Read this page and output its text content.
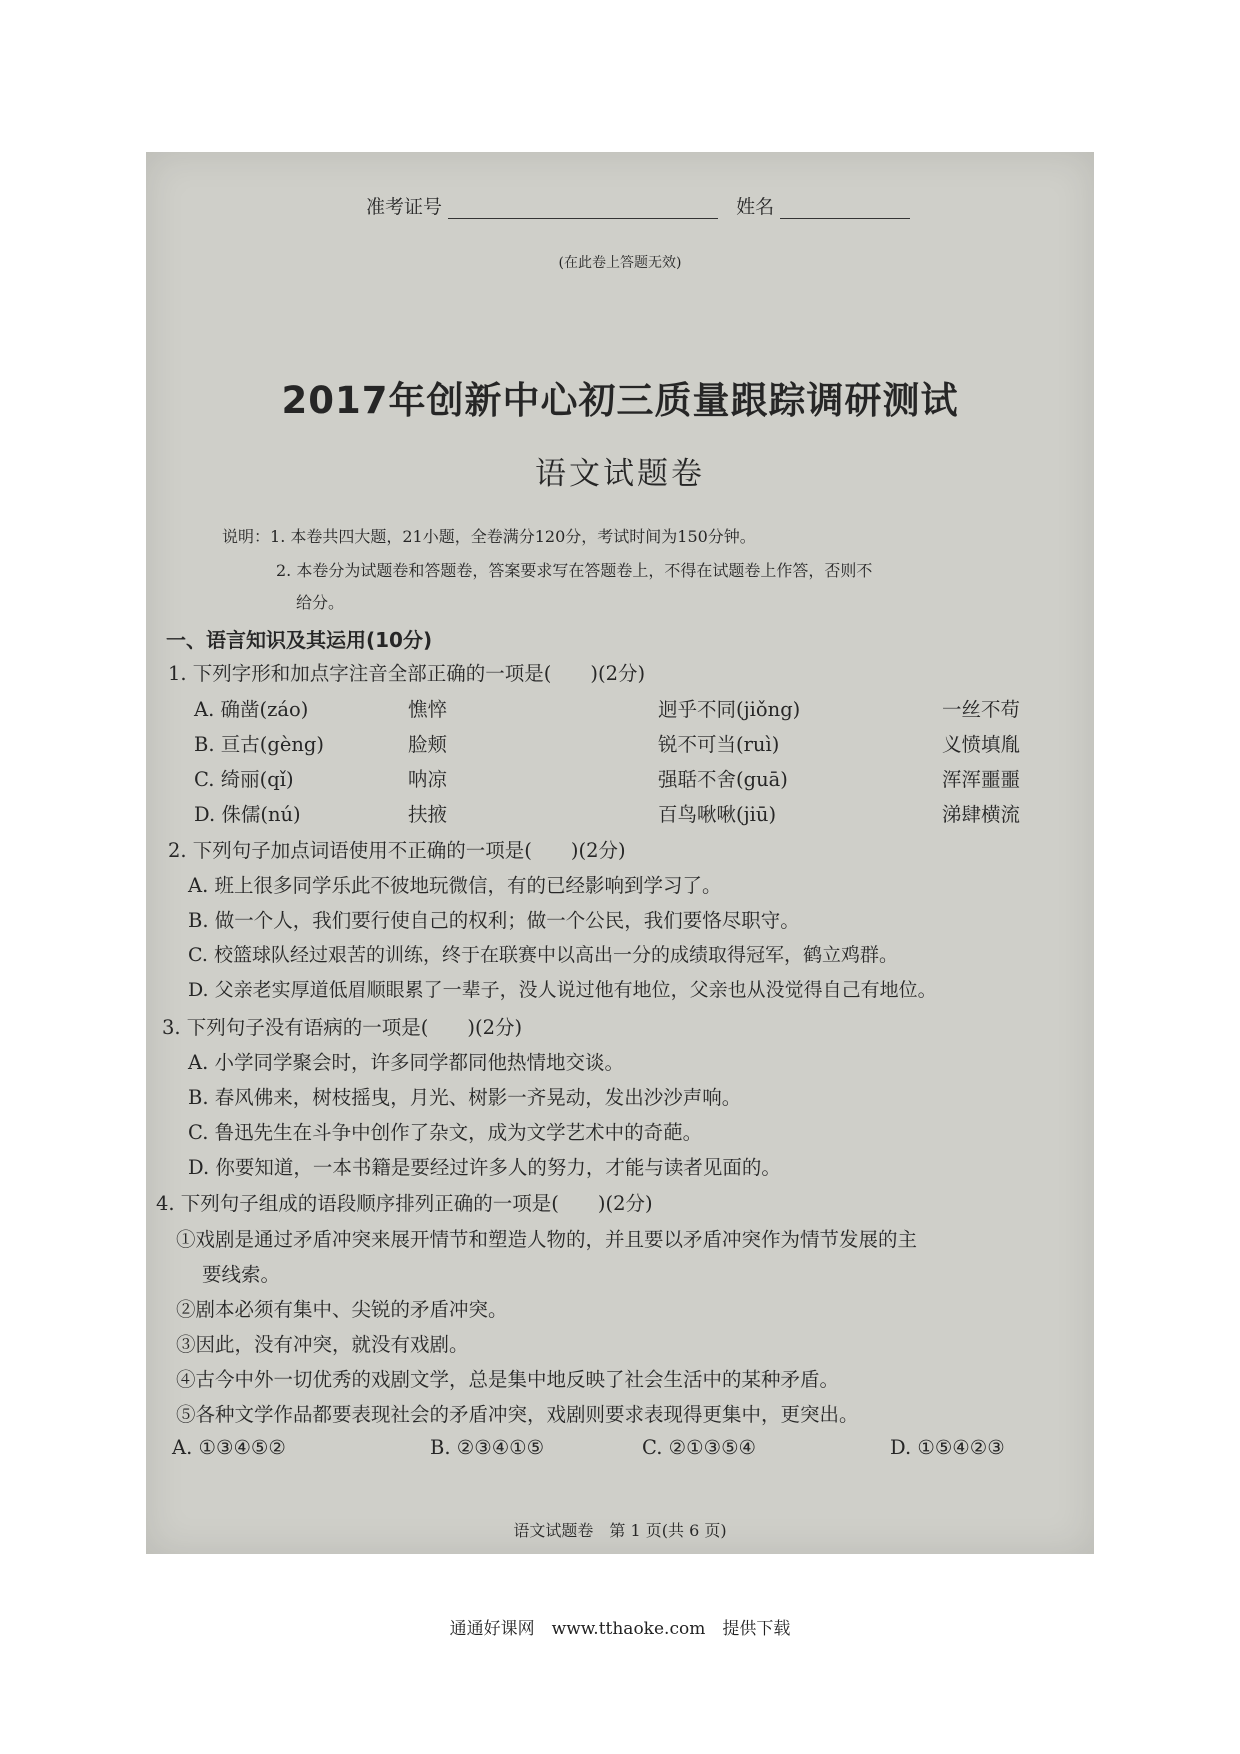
准考证号	姓名
(在此卷上答题无效)
2017年创新中心初三质量跟踪调研测试
语文试题卷
说明：1. 本卷共四大题，21小题，全卷满分120分，考试时间为150分钟。
2. 本卷分为试题卷和答题卷，答案要求写在答题卷上，不得在试题卷上作答，否则不
给分。
一、语言知识及其运用(10分)
1. 下列字形和加点字注音全部正确的一项是(　　)(2分)
A. 确凿(záo)	憔悴	迥乎不同(jiǒng)	一丝不苟
B. 亘古(gèng)	脸颊	锐不可当(ruì)	义愤填胤
C. 绮丽(qǐ)	呐凉	强聒不舍(guā)	浑浑噩噩
D. 侏儒(nú)	扶掖	百鸟啾啾(jiū)	涕肆横流
2. 下列句子加点词语使用不正确的一项是(　　)(2分)
A. 班上很多同学乐此不彼地玩微信，有的已经影响到学习了。
B. 做一个人，我们要行使自己的权利；做一个公民，我们要恪尽职守。
C. 校篮球队经过艰苦的训练，终于在联赛中以高出一分的成绩取得冠军，鹤立鸡群。
D. 父亲老实厚道低眉顺眼累了一辈子，没人说过他有地位，父亲也从没觉得自己有地位。
3. 下列句子没有语病的一项是(　　)(2分)
A. 小学同学聚会时，许多同学都同他热情地交谈。
B. 春风佛来，树枝摇曳，月光、树影一齐晃动，发出沙沙声响。
C. 鲁迅先生在斗争中创作了杂文，成为文学艺术中的奇葩。
D. 你要知道，一本书籍是要经过许多人的努力，才能与读者见面的。
4. 下列句子组成的语段顺序排列正确的一项是(　　)(2分)
①戏剧是通过矛盾冲突来展开情节和塑造人物的，并且要以矛盾冲突作为情节发展的主
要线索。
②剧本必须有集中、尖锐的矛盾冲突。
③因此，没有冲突，就没有戏剧。
④古今中外一切优秀的戏剧文学，总是集中地反映了社会生活中的某种矛盾。
⑤各种文学作品都要表现社会的矛盾冲突，戏剧则要求表现得更集中，更突出。
A. ①③④⑤②	B. ②③④①⑤	C. ②①③⑤④	D. ①⑤④②③
语文试题卷　第 1 页(共 6 页)
通通好课网　www.tthaoke.com　提供下载
